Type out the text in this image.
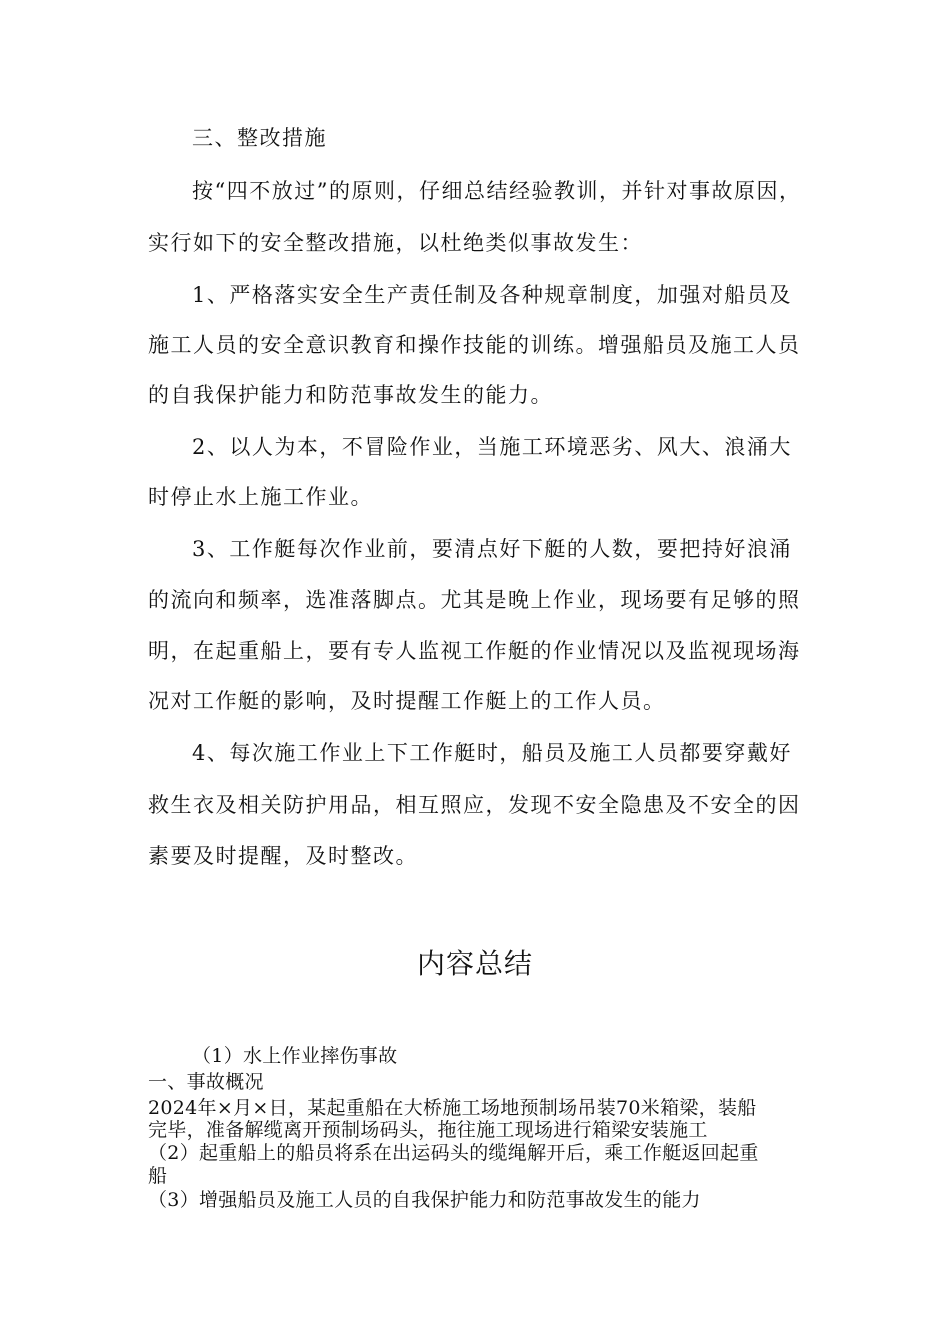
三、整改措施
按“四不放过”的原则，仔细总结经验教训，并针对事故原因，
实行如下的安全整改措施，以杜绝类似事故发生：
1、严格落实安全生产责任制及各种规章制度，加强对船员及
施工人员的安全意识教育和操作技能的训练。增强船员及施工人员
的自我保护能力和防范事故发生的能力。
2、以人为本，不冒险作业，当施工环境恶劣、风大、浪涌大
时停止水上施工作业。
3、工作艇每次作业前，要清点好下艇的人数，要把持好浪涌
的流向和频率，选准落脚点。尤其是晚上作业，现场要有足够的照
明，在起重船上，要有专人监视工作艇的作业情况以及监视现场海
况对工作艇的影响，及时提醒工作艇上的工作人员。
4、每次施工作业上下工作艇时，船员及施工人员都要穿戴好
救生衣及相关防护用品，相互照应，发现不安全隐患及不安全的因
素要及时提醒，及时整改。
内容总结
（1）水上作业摔伤事故
一、事故概况
2024年×月×日，某起重船在大桥施工场地预制场吊装70米箱梁，装船
完毕，准备解缆离开预制场码头，拖往施工现场进行箱梁安装施工
（2）起重船上的船员将系在出运码头的缆绳解开后，乘工作艇返回起重
船
（3）增强船员及施工人员的自我保护能力和防范事故发生的能力
